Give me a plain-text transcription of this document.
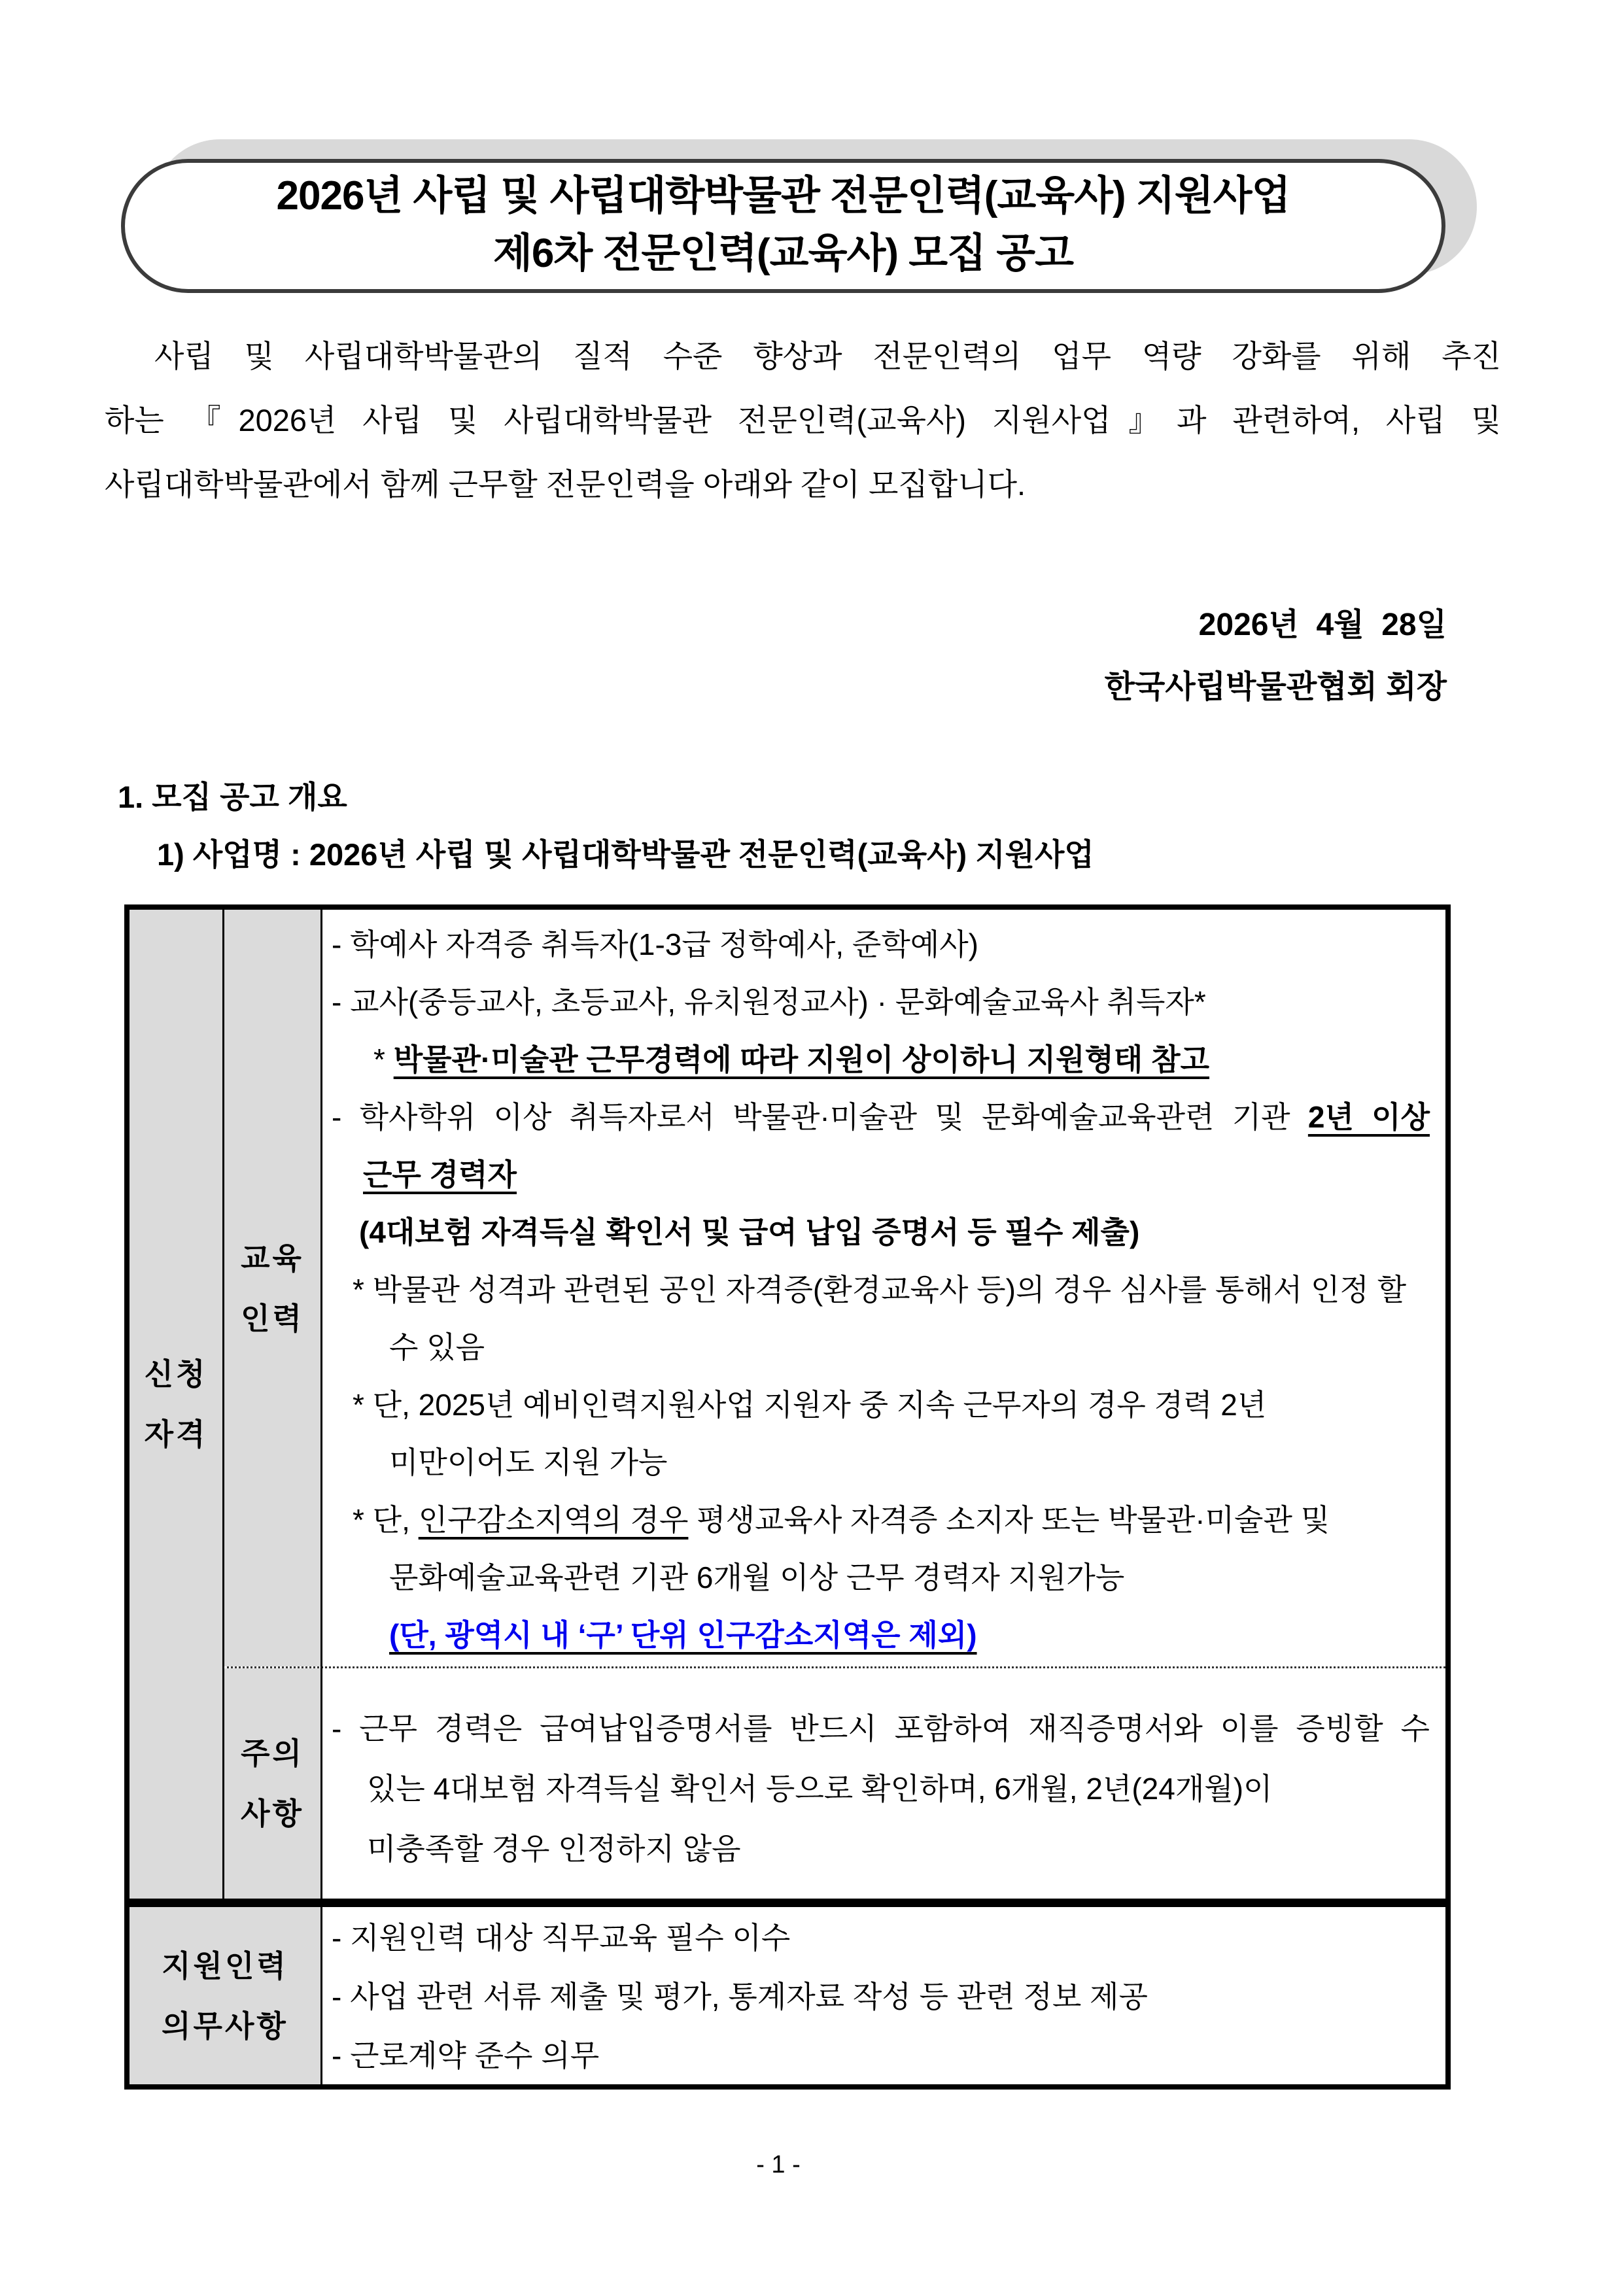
2026년 사립 및 사립대학박물관 전문인력(교육사) 지원사업
제6차 전문인력(교육사) 모집 공고
사립 및 사립대학박물관의 질적 수준 향상과 전문인력의 업무 역량 강화를 위해 추진
하는 『2026년 사립 및 사립대학박물관 전문인력(교육사) 지원사업』과 관련하여, 사립 및
사립대학박물관에서 함께 근무할 전문인력을 아래와 같이 모집합니다.
2026년  4월  28일
한국사립박물관협회 회장
1. 모집 공고 개요
1) 사업명 : 2026년 사립 및 사립대학박물관 전문인력(교육사) 지원사업
신청
자격
교육
인력
- 학예사 자격증 취득자(1-3급 정학예사, 준학예사)
- 교사(중등교사, 초등교사, 유치원정교사) · 문화예술교육사 취득자*
* 박물관·미술관 근무경력에 따라 지원이 상이하니 지원형태 참고
- 학사학위 이상 취득자로서 박물관·미술관 및 문화예술교육관련 기관 2년 이상
근무 경력자
(4대보험 자격득실 확인서 및 급여 납입 증명서 등 필수 제출)
* 박물관 성격과 관련된 공인 자격증(환경교육사 등)의 경우 심사를 통해서 인정 할
수 있음
* 단, 2025년 예비인력지원사업 지원자 중 지속 근무자의 경우 경력 2년
미만이어도 지원 가능
* 단, 인구감소지역의 경우 평생교육사 자격증 소지자 또는 박물관·미술관 및
문화예술교육관련 기관 6개월 이상 근무 경력자 지원가능
(단, 광역시 내 ‘구’ 단위 인구감소지역은 제외)
주의
사항
- 근무 경력은 급여납입증명서를 반드시 포함하여 재직증명서와 이를 증빙할 수
있는 4대보험 자격득실 확인서 등으로 확인하며, 6개월, 2년(24개월)이
미충족할 경우 인정하지 않음
지원인력
의무사항
- 지원인력 대상 직무교육 필수 이수
- 사업 관련 서류 제출 및 평가, 통계자료 작성 등 관련 정보 제공
- 근로계약 준수 의무
- 1 -
